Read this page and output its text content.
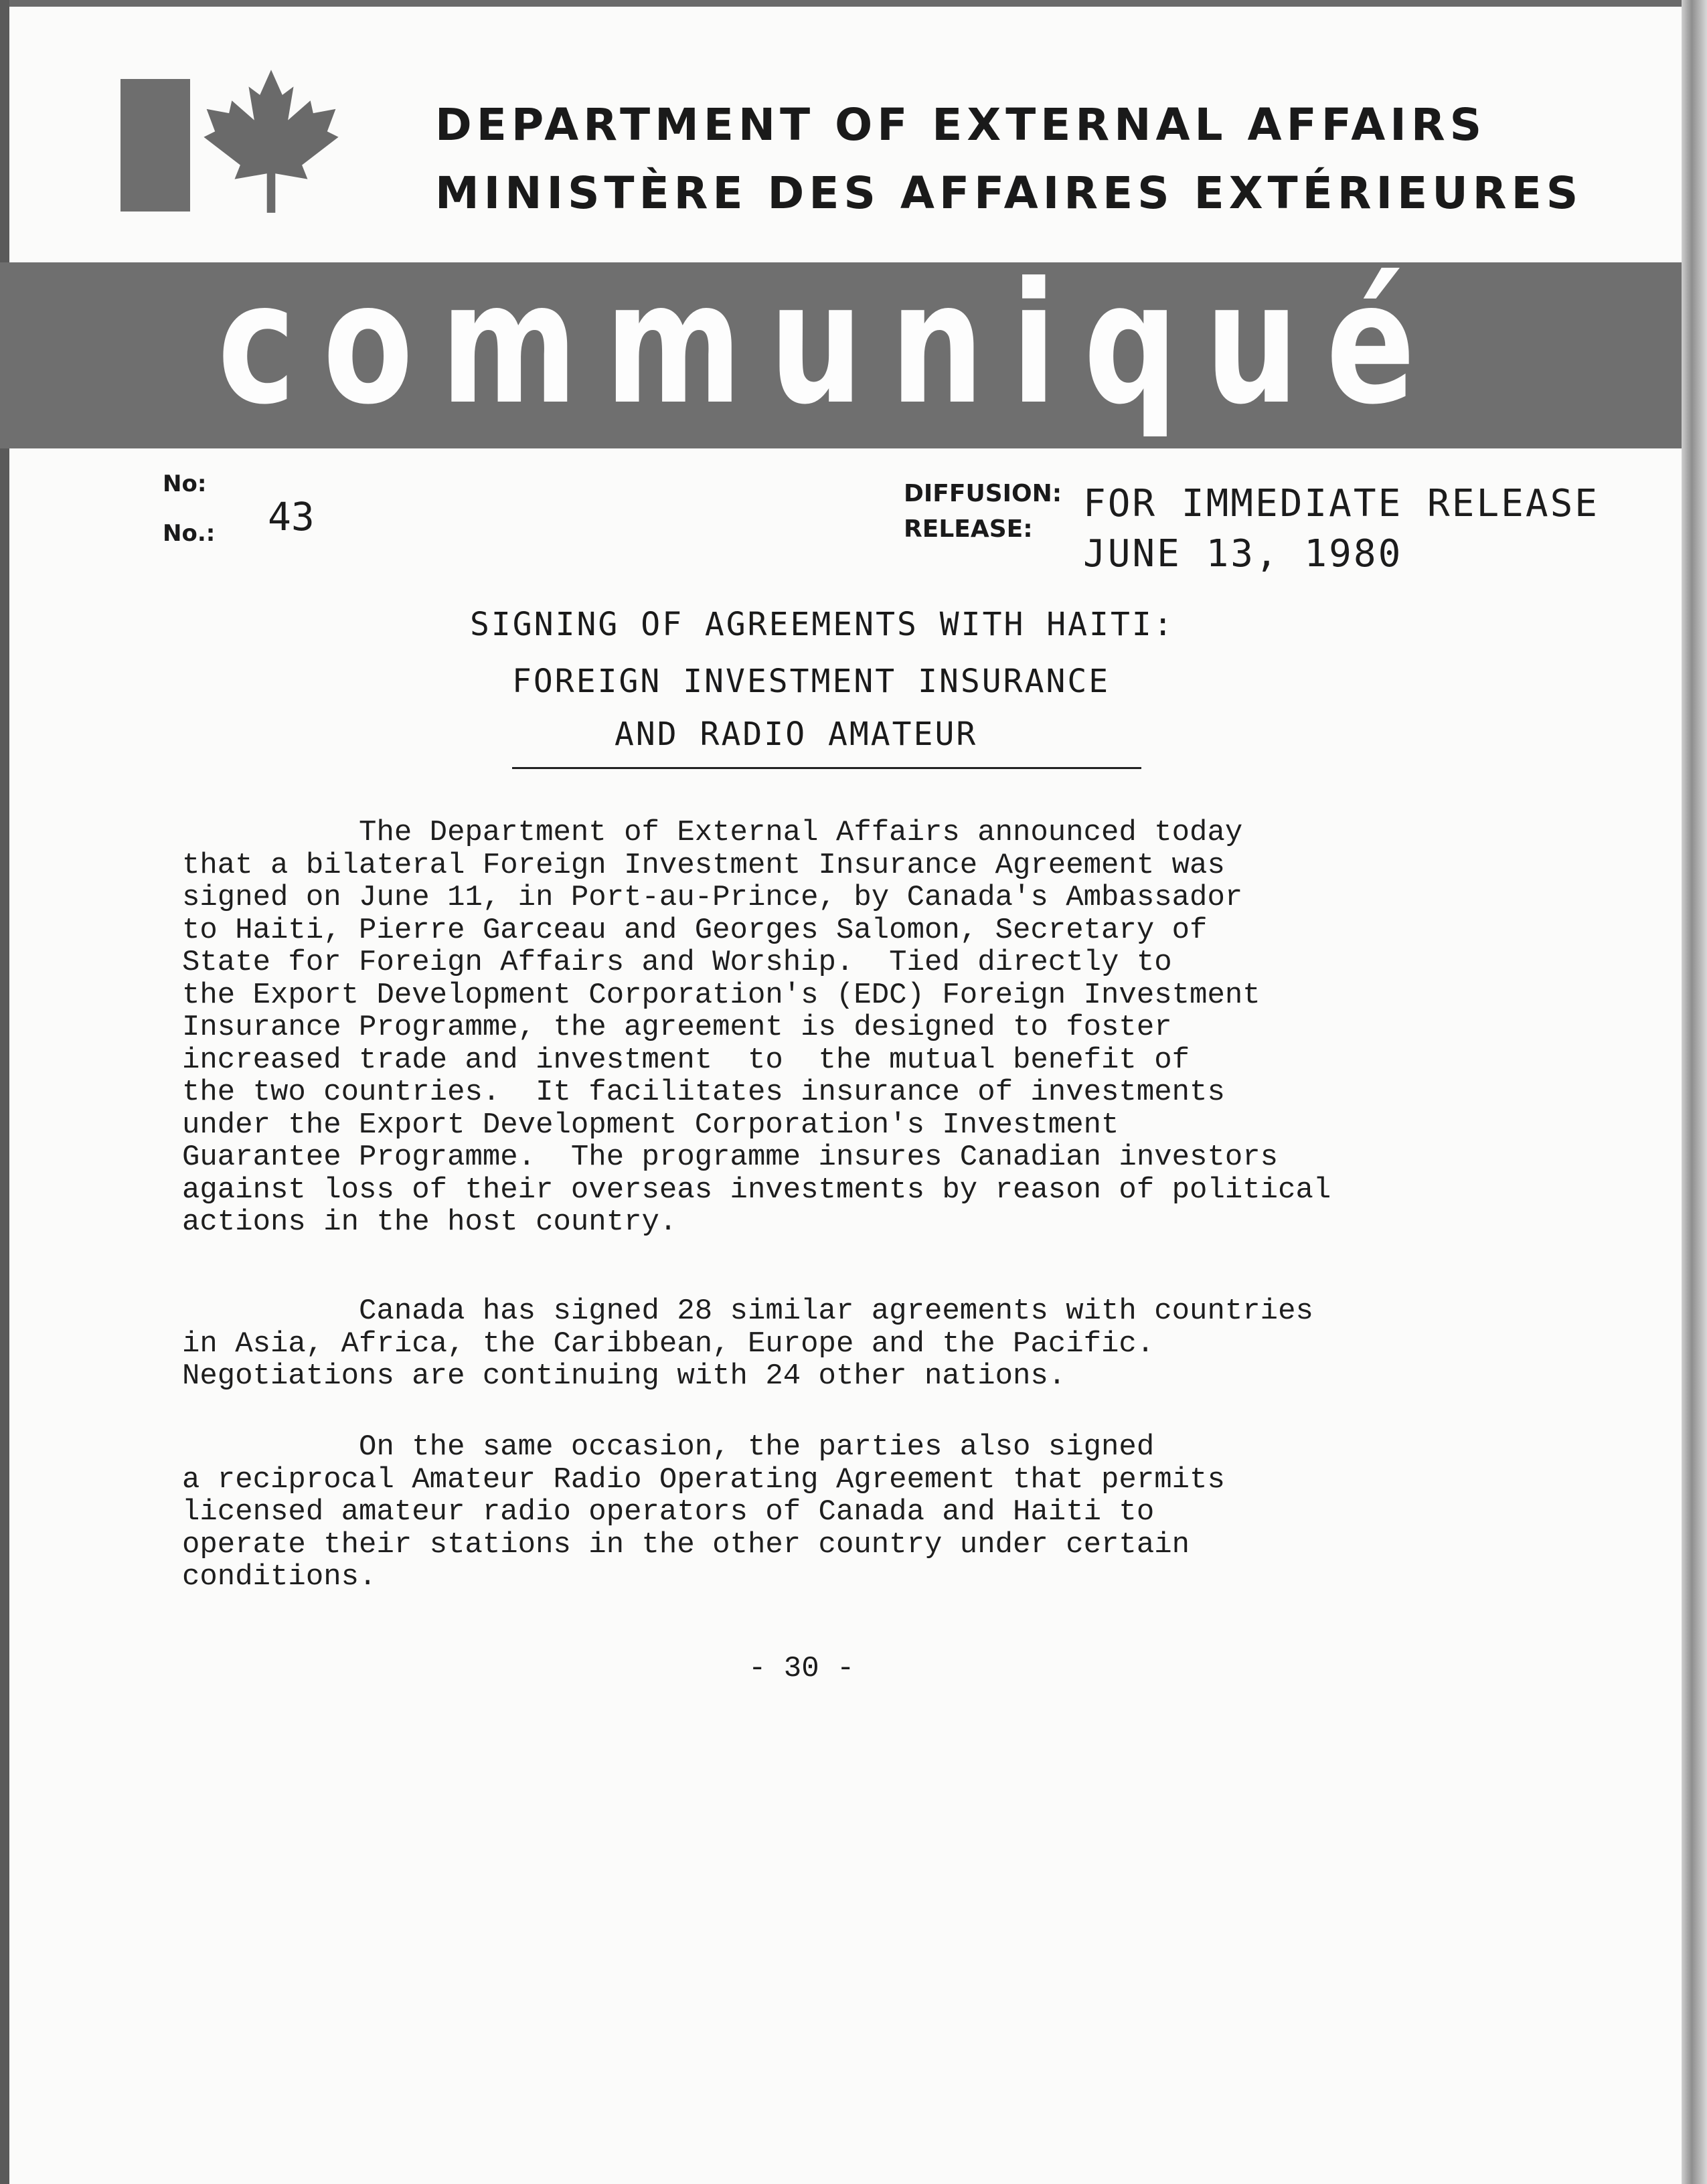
DEPARTMENT OF EXTERNAL AFFAIRS
MINISTÈRE DES AFFAIRES EXTÉRIEURES
communiqué
No:
No.: 43
DIFFUSION:
RELEASE:
FOR IMMEDIATE RELEASE
JUNE 13, 1980
SIGNING OF AGREEMENTS WITH HAITI:
FOREIGN INVESTMENT INSURANCE
AND RADIO AMATEUR
The Department of External Affairs announced today
that a bilateral Foreign Investment Insurance Agreement was
signed on June 11, in Port-au-Prince, by Canada's Ambassador
to Haiti, Pierre Garceau and Georges Salomon, Secretary of
State for Foreign Affairs and Worship.  Tied directly to
the Export Development Corporation's (EDC) Foreign Investment
Insurance Programme, the agreement is designed to foster
increased trade and investment  to  the mutual benefit of
the two countries.  It facilitates insurance of investments
under the Export Development Corporation's Investment
Guarantee Programme.  The programme insures Canadian investors
against loss of their overseas investments by reason of political
actions in the host country.
Canada has signed 28 similar agreements with countries
in Asia, Africa, the Caribbean, Europe and the Pacific.
Negotiations are continuing with 24 other nations.
On the same occasion, the parties also signed
a reciprocal Amateur Radio Operating Agreement that permits
licensed amateur radio operators of Canada and Haiti to
operate their stations in the other country under certain
conditions.
- 30 -
